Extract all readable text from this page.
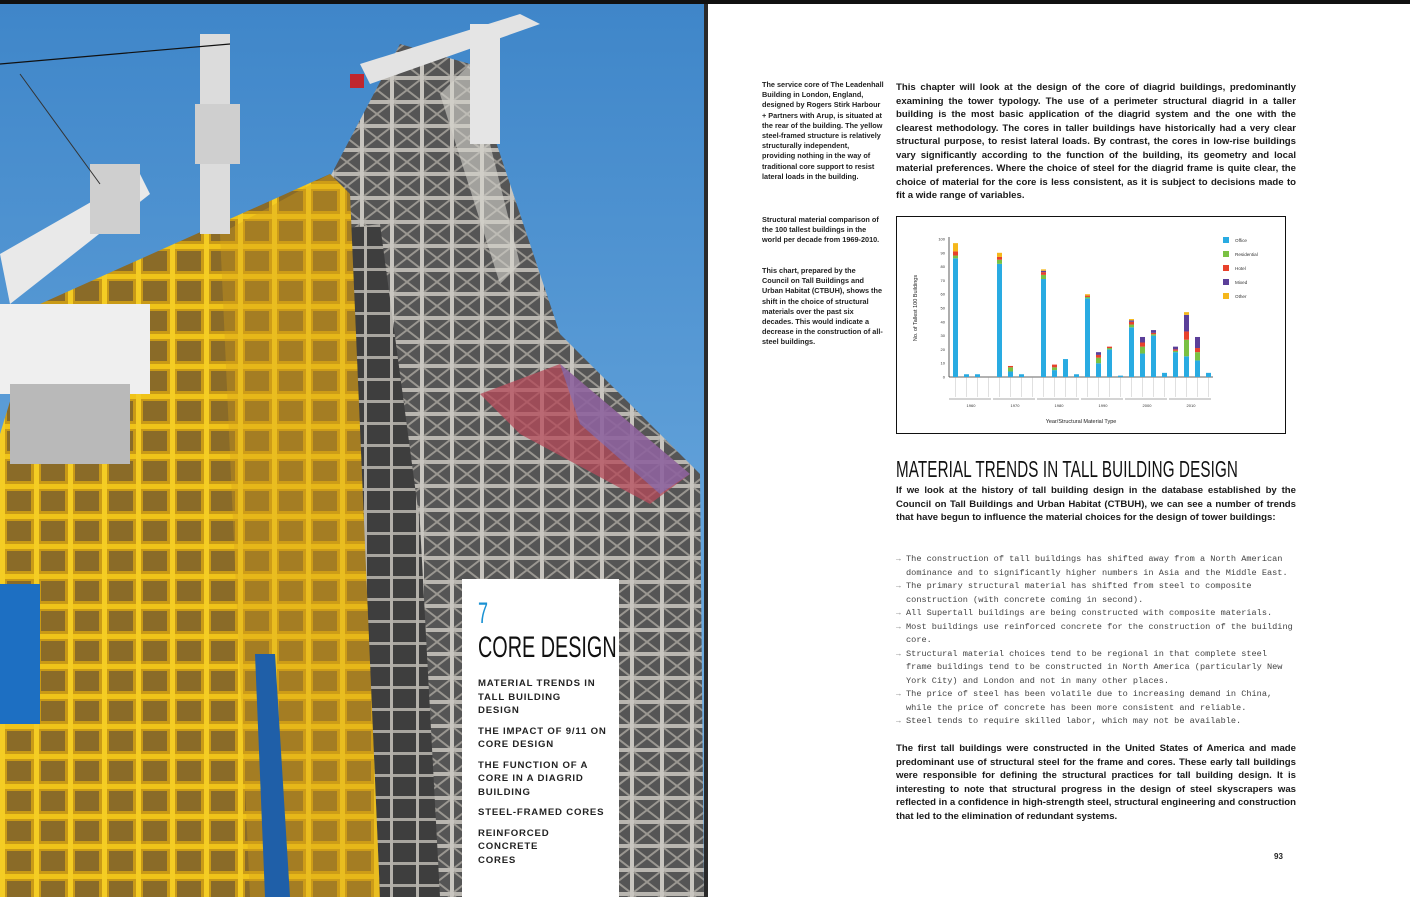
7
CORE DESIGN
MATERIAL TRENDS IN TALL BUILDING DESIGN
THE IMPACT OF 9/11 ON CORE DESIGN
THE FUNCTION OF A CORE IN A DIAGRID BUILDING
STEEL-FRAMED CORES
REINFORCED CONCRETE CORES
The service core of The Leadenhall Building in London, England, designed by Rogers Stirk Harbour + Partners with Arup, is situated at the rear of the building. The yellow steel-framed structure is relatively structurally independent, providing nothing in the way of traditional core support to resist lateral loads in the building.
Structural material comparison of the 100 tallest buildings in the world per decade from 1969-2010.
This chart, prepared by the Council on Tall Buildings and Urban Habitat (CTBUH), shows the shift in the choice of structural materials over the past six decades. This would indicate a decrease in the construction of all-steel buildings.
This chapter will look at the design of the core of diagrid buildings, predominantly examining the tower typology. The use of a perimeter structural diagrid in a taller building is the most basic application of the diagrid system and the one with the clearest methodology. The cores in taller buildings have historically had a very clear structural purpose, to resist lateral loads. By contrast, the cores in low-rise buildings vary significantly according to the function of the building, its geometry and local material preferences. Where the choice of steel for the diagrid frame is quite clear, the choice of material for the core is less consistent, as it is subject to decisions made to fit a wide range of variables.
0
10
20
30
40
50
60
70
80
90
100
No. of Tallest 100 Buildings
1960	1970	1980	1990	2000	2010
Year/Structural Material Type
Office
Residential
Hotel
Mixed
Other
MATERIAL TRENDS IN TALL BUILDING DESIGN
If we look at the history of tall building design in the database established by the Council on Tall Buildings and Urban Habitat (CTBUH), we can see a number of trends that have begun to influence the material choices for the design of tower buildings:
→ The construction of tall buildings has shifted away from a North American dominance and to significantly higher numbers in Asia and the Middle East.
→ The primary structural material has shifted from steel to composite construction (with concrete coming in second).
→ All Supertall buildings are being constructed with composite materials.
→ Most buildings use reinforced concrete for the construction of the building core.
→ Structural material choices tend to be regional in that complete steel frame buildings tend to be constructed in North America (particularly New York City) and London and not in many other places.
→ The price of steel has been volatile due to increasing demand in China, while the price of concrete has been more consistent and reliable.
→ Steel tends to require skilled labor, which may not be available.
The first tall buildings were constructed in the United States of America and made predominant use of structural steel for the frame and cores. These early tall buildings were responsible for defining the structural practices for tall building design. It is interesting to note that structural progress in the design of steel skyscrapers was reflected in a confidence in high-strength steel, structural engineering and construction that led to the elimination of redundant systems.
93
